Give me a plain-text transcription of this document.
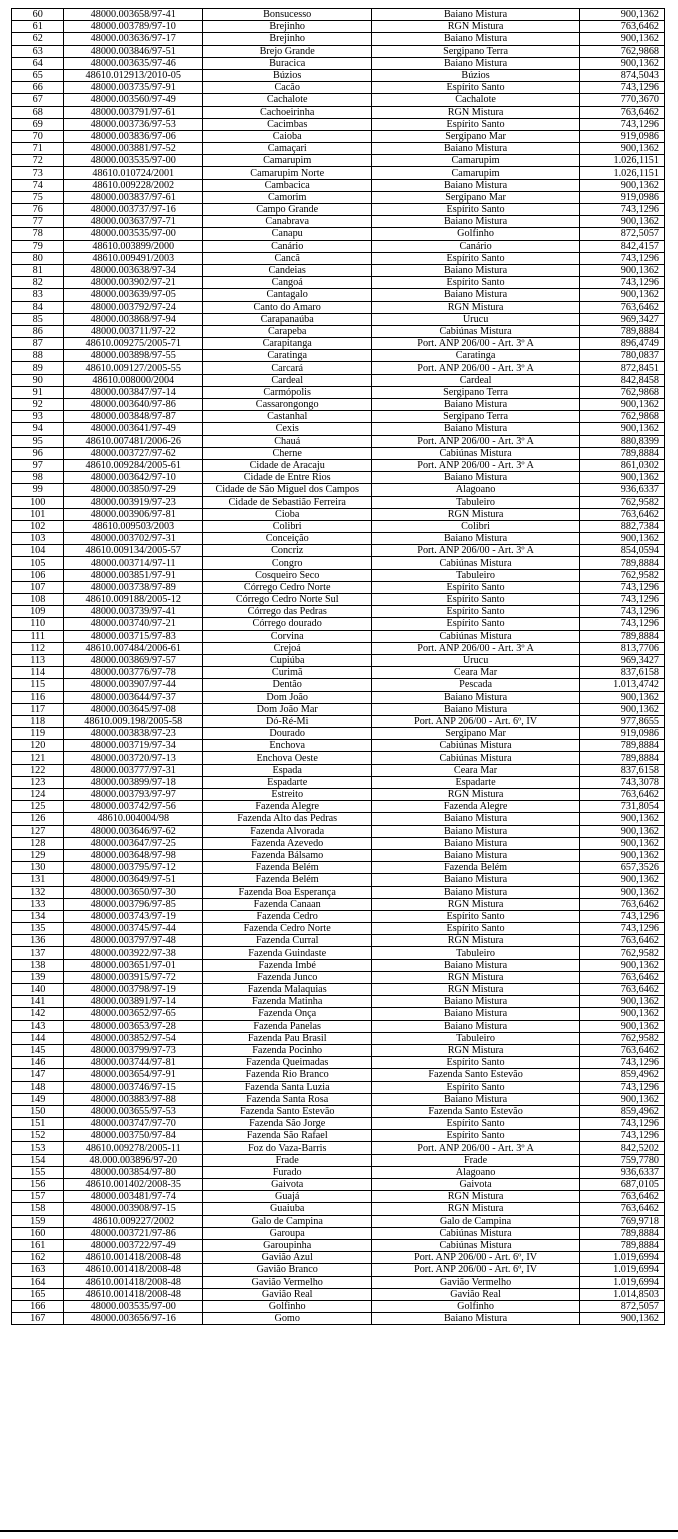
60	48000.003658/97-41	Bonsucesso	Baiano Mistura	900,1362
61	48000.003789/97-10	Brejinho	RGN Mistura	763,6462
62	48000.003636/97-17	Brejinho	Baiano Mistura	900,1362
63	48000.003846/97-51	Brejo Grande	Sergipano Terra	762,9868
64	48000.003635/97-46	Buracica	Baiano Mistura	900,1362
65	48610.012913/2010-05	Búzios	Búzios	874,5043
66	48000.003735/97-91	Cacão	Espírito Santo	743,1296
67	48000.003560/97-49	Cachalote	Cachalote	770,3670
68	48000.003791/97-61	Cachoeirinha	RGN Mistura	763,6462
69	48000.003736/97-53	Cacimbas	Espírito Santo	743,1296
70	48000.003836/97-06	Caioba	Sergipano Mar	919,0986
71	48000.003881/97-52	Camaçari	Baiano Mistura	900,1362
72	48000.003535/97-00	Camarupim	Camarupim	1.026,1151
73	48610.010724/2001	Camarupim Norte	Camarupim	1.026,1151
74	48610.009228/2002	Cambacica	Baiano Mistura	900,1362
75	48000.003837/97-61	Camorim	Sergipano Mar	919,0986
76	48000.003737/97-16	Campo Grande	Espírito Santo	743,1296
77	48000.003637/97-71	Canabrava	Baiano Mistura	900,1362
78	48000.003535/97-00	Canapu	Golfinho	872,5057
79	48610.003899/2000	Canário	Canário	842,4157
80	48610.009491/2003	Cancã	Espírito Santo	743,1296
81	48000.003638/97-34	Candeias	Baiano Mistura	900,1362
82	48000.003902/97-21	Cangoá	Espírito Santo	743,1296
83	48000.003639/97-05	Cantagalo	Baiano Mistura	900,1362
84	48000.003792/97-24	Canto do Amaro	RGN Mistura	763,6462
85	48000.003868/97-94	Carapanaúba	Urucu	969,3427
86	48000.003711/97-22	Carapeba	Cabiúnas Mistura	789,8884
87	48610.009275/2005-71	Carapitanga	Port. ANP 206/00 - Art. 3º A	896,4749
88	48000.003898/97-55	Caratinga	Caratinga	780,0837
89	48610.009127/2005-55	Carcará	Port. ANP 206/00 - Art. 3º A	872,8451
90	48610.008000/2004	Cardeal	Cardeal	842,8458
91	48000.003847/97-14	Carmópolis	Sergipano Terra	762,9868
92	48000.003640/97-86	Cassarongongo	Baiano Mistura	900,1362
93	48000.003848/97-87	Castanhal	Sergipano Terra	762,9868
94	48000.003641/97-49	Cexis	Baiano Mistura	900,1362
95	48610.007481/2006-26	Chauá	Port. ANP 206/00 - Art. 3º A	880,8399
96	48000.003727/97-62	Cherne	Cabiúnas Mistura	789,8884
97	48610.009284/2005-61	Cidade de Aracaju	Port. ANP 206/00 - Art. 3º A	861,0302
98	48000.003642/97-10	Cidade de Entre Rios	Baiano Mistura	900,1362
99	48000.003850/97-29	Cidade de São Miguel dos Campos	Alagoano	936,6337
100	48000.003919/97-23	Cidade de Sebastião Ferreira	Tabuleiro	762,9582
101	48000.003906/97-81	Cioba	RGN Mistura	763,6462
102	48610.009503/2003	Colibri	Colibri	882,7384
103	48000.003702/97-31	Conceição	Baiano Mistura	900,1362
104	48610.009134/2005-57	Concriz	Port. ANP 206/00 - Art. 3º A	854,0594
105	48000.003714/97-11	Congro	Cabiúnas Mistura	789,8884
106	48000.003851/97-91	Cosqueiro Seco	Tabuleiro	762,9582
107	48000.003738/97-89	Córrego Cedro Norte	Espírito Santo	743,1296
108	48610.009188/2005-12	Córrego Cedro Norte Sul	Espírito Santo	743,1296
109	48000.003739/97-41	Córrego das Pedras	Espírito Santo	743,1296
110	48000.003740/97-21	Córrego dourado	Espírito Santo	743,1296
111	48000.003715/97-83	Corvina	Cabiúnas Mistura	789,8884
112	48610.007484/2006-61	Crejoá	Port. ANP 206/00 - Art. 3º A	813,7706
113	48000.003869/97-57	Cupiúba	Urucu	969,3427
114	48000.003776/97-78	Curimã	Ceara Mar	837,6158
115	48000.003907/97-44	Dentão	Pescada	1.013,4742
116	48000.003644/97-37	Dom João	Baiano Mistura	900,1362
117	48000.003645/97-08	Dom João Mar	Baiano Mistura	900,1362
118	48610.009.198/2005-58	Dó-Ré-Mi	Port. ANP 206/00 - Art. 6º, IV	977,8655
119	48000.003838/97-23	Dourado	Sergipano Mar	919,0986
120	48000.003719/97-34	Enchova	Cabiúnas Mistura	789,8884
121	48000.003720/97-13	Enchova Oeste	Cabiúnas Mistura	789,8884
122	48000.003777/97-31	Espada	Ceara Mar	837,6158
123	48000.003899/97-18	Espadarte	Espadarte	743,3078
124	48000.003793/97-97	Estreito	RGN Mistura	763,6462
125	48000.003742/97-56	Fazenda Alegre	Fazenda Alegre	731,8054
126	48610.004004/98	Fazenda Alto das Pedras	Baiano Mistura	900,1362
127	48000.003646/97-62	Fazenda Alvorada	Baiano Mistura	900,1362
128	48000.003647/97-25	Fazenda Azevedo	Baiano Mistura	900,1362
129	48000.003648/97-98	Fazenda Bálsamo	Baiano Mistura	900,1362
130	48000.003795/97-12	Fazenda Belém	Fazenda Belém	657,3526
131	48000.003649/97-51	Fazenda Belém	Baiano Mistura	900,1362
132	48000.003650/97-30	Fazenda Boa Esperança	Baiano Mistura	900,1362
133	48000.003796/97-85	Fazenda Canaan	RGN Mistura	763,6462
134	48000.003743/97-19	Fazenda Cedro	Espírito Santo	743,1296
135	48000.003745/97-44	Fazenda Cedro Norte	Espírito Santo	743,1296
136	48000.003797/97-48	Fazenda Curral	RGN Mistura	763,6462
137	48000.003922/97-38	Fazenda Guindaste	Tabuleiro	762,9582
138	48000.003651/97-01	Fazenda Imbé	Baiano Mistura	900,1362
139	48000.003915/97-72	Fazenda Junco	RGN Mistura	763,6462
140	48000.003798/97-19	Fazenda Malaquias	RGN Mistura	763,6462
141	48000.003891/97-14	Fazenda Matinha	Baiano Mistura	900,1362
142	48000.003652/97-65	Fazenda Onça	Baiano Mistura	900,1362
143	48000.003653/97-28	Fazenda Panelas	Baiano Mistura	900,1362
144	48000.003852/97-54	Fazenda Pau Brasil	Tabuleiro	762,9582
145	48000.003799/97-73	Fazenda Pocinho	RGN Mistura	763,6462
146	48000.003744/97-81	Fazenda Queimadas	Espírito Santo	743,1296
147	48000.003654/97-91	Fazenda Rio Branco	Fazenda Santo Estevão	859,4962
148	48000.003746/97-15	Fazenda Santa Luzia	Espírito Santo	743,1296
149	48000.003883/97-88	Fazenda Santa Rosa	Baiano Mistura	900,1362
150	48000.003655/97-53	Fazenda Santo Estevão	Fazenda Santo Estevão	859,4962
151	48000.003747/97-70	Fazenda São Jorge	Espírito Santo	743,1296
152	48000.003750/97-84	Fazenda São Rafael	Espírito Santo	743,1296
153	48610.009278/2005-11	Foz do Vaza-Barris	Port. ANP 206/00 - Art. 3º A	842,5202
154	48.000.003896/97-20	Frade	Frade	759,7780
155	48000.003854/97-80	Furado	Alagoano	936,6337
156	48610.001402/2008-35	Gaivota	Gaivota	687,0105
157	48000.003481/97-74	Guajá	RGN Mistura	763,6462
158	48000.003908/97-15	Guaiuba	RGN Mistura	763,6462
159	48610.009227/2002	Galo de Campina	Galo de Campina	769,9718
160	48000.003721/97-86	Garoupa	Cabiúnas Mistura	789,8884
161	48000.003722/97-49	Garoupinha	Cabiúnas Mistura	789,8884
162	48610.001418/2008-48	Gavião Azul	Port. ANP 206/00 - Art. 6º, IV	1.019,6994
163	48610.001418/2008-48	Gavião Branco	Port. ANP 206/00 - Art. 6º, IV	1.019,6994
164	48610.001418/2008-48	Gavião Vermelho	Gavião Vermelho	1.019,6994
165	48610.001418/2008-48	Gavião Real	Gavião Real	1.014,8503
166	48000.003535/97-00	Golfinho	Golfinho	872,5057
167	48000.003656/97-16	Gomo	Baiano Mistura	900,1362
